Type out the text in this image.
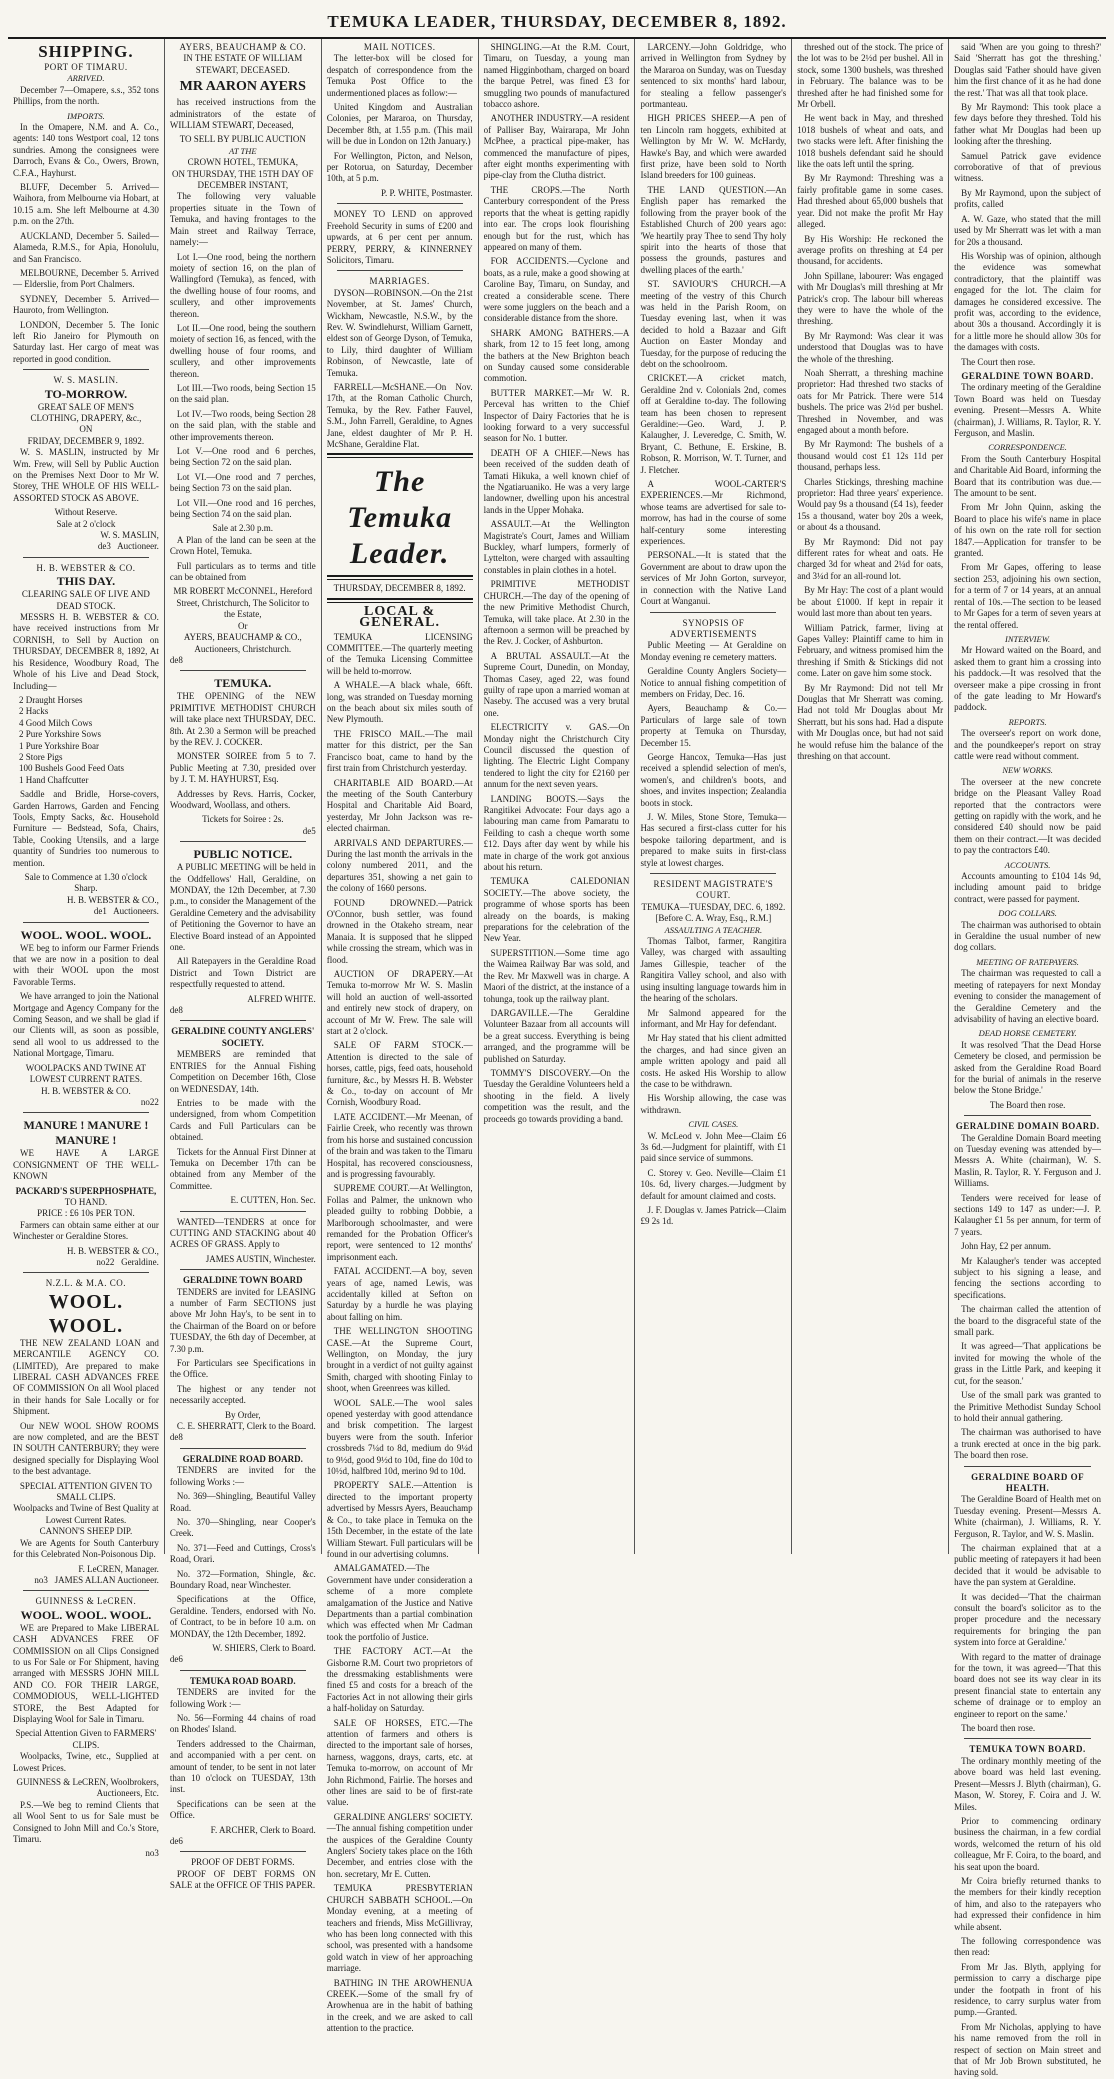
TEMUKA LEADER, THURSDAY, DECEMBER 8, 1892.
SHIPPING.
PORT OF TIMARU.
ARRIVED.

December 7—Omapere, s.s., 352 tons Phillips, from the north.

IMPORTS.

In the Omapere, N.M. and A. Co., agents: 140 tons Westport coal, 12 tons sundries. Among the consignees were Darroch, Evans & Co., Owers, Brown, C.F.A., Hayhurst.

BLUFF, December 5. Arrived—Waihora, from Melbourne via Hobart, at 10.15 a.m. She left Melbourne at 4.30 p.m. on the 27th.

AUCKLAND, December 5. Sailed—Alameda, R.M.S., for Apia, Honolulu, and San Francisco.

MELBOURNE, December 5. Arrived — Elderslie, from Port Chalmers.

SYDNEY, December 5. Arrived—Hauroto, from Wellington.

LONDON, December 5. The Ionic left Rio Janeiro for Plymouth on Saturday last. Her cargo of meat was reported in good condition.

W. S. MASLIN.
TO-MORROW.
GREAT SALE OF MEN'S CLOTHING, DRAPERY, &c.,
ON
FRIDAY, DECEMBER 9, 1892.

W. S. MASLIN, instructed by Mr Wm. Frew, will Sell by Public Auction on the Premises Next Door to Mr W. Storey, THE WHOLE OF HIS WELL-ASSORTED STOCK AS ABOVE.

Without Reserve.
Sale at 2 o'clock
W. S. MASLIN,
de3 Auctioneer.
H. B. WEBSTER & CO.
THIS DAY.
CLEARING SALE OF LIVE AND DEAD STOCK.

MESSRS H. B. WEBSTER & CO. have received instructions from Mr CORNISH, to Sell by Auction on THURSDAY, DECEMBER 8, 1892, At his Residence, Woodbury Road, The Whole of his Live and Dead Stock, Including—

2 Draught Horses
2 Hacks
4 Good Milch Cows
2 Pure Yorkshire Sows
1 Pure Yorkshire Boar
2 Store Pigs
100 Bushels Good Feed Oats
1 Hand Chaffcutter

Saddle and Bridle, Horse-covers, Garden Harrows, Garden and Fencing Tools, Empty Sacks, &c. Household Furniture — Bedstead, Sofa, Chairs, Table, Cooking Utensils, and a large quantity of Sundries too numerous to mention.

Sale to Commence at 1.30 o'clock Sharp.
H. B. WEBSTER & CO.,
de1 Auctioneers.
WOOL. WOOL. WOOL.

WE beg to inform our Farmer Friends that we are now in a position to deal with their WOOL upon the most Favorable Terms.

We have arranged to join the National Mortgage and Agency Company for the Coming Season, and we shall be glad if our Clients will, as soon as possible, send all wool to us addressed to the National Mortgage, Timaru.

WOOLPACKS AND TWINE AT LOWEST CURRENT RATES.
H. B. WEBSTER & CO.
no22
MANURE ! MANURE ! MANURE !

WE HAVE A LARGE CONSIGNMENT OF THE WELL-KNOWN

PACKARD'S SUPERPHOSPHATE,
TO HAND.
PRICE : £6 10s PER TON.

Farmers can obtain same either at our Winchester or Geraldine Stores.

H. B. WEBSTER & CO.,
no22 Geraldine.
N.Z.L. & M.A. CO.
WOOL. WOOL.

THE NEW ZEALAND LOAN and MERCANTILE AGENCY CO. (LIMITED), Are prepared to make LIBERAL CASH ADVANCES FREE OF COMMISSION On all Wool placed in their hands for Sale Locally or for Shipment.

Our NEW WOOL SHOW ROOMS are now completed, and are the BEST IN SOUTH CANTERBURY; they were designed specially for Displaying Wool to the best advantage.

SPECIAL ATTENTION GIVEN TO SMALL CLIPS.
Woolpacks and Twine of Best Quality at Lowest Current Rates.
CANNON'S SHEEP DIP.

We are Agents for South Canterbury for this Celebrated Non-Poisonous Dip.

F. LeCREN, Manager.
no3 JAMES ALLAN Auctioneer.
GUINNESS & LeCREN.
WOOL. WOOL. WOOL.

WE are Prepared to Make LIBERAL CASH ADVANCES FREE OF COMMISSION on all Clips Consigned to us For Sale or For Shipment, having arranged with MESSRS JOHN MILL AND CO. FOR THEIR LARGE, COMMODIOUS, WELL-LIGHTED STORE, the Best Adapted for Displaying Wool for Sale in Timaru.

Special Attention Given to FARMERS' CLIPS.

Woolpacks, Twine, etc., Supplied at Lowest Prices.

GUINNESS & LeCREN, Woolbrokers, Auctioneers, Etc.

P.S.—We beg to remind Clients that all Wool Sent to us for Sale must be Consigned to John Mill and Co.'s Store, Timaru.

no3
AYERS, BEAUCHAMP & CO.
IN THE ESTATE OF WILLIAM STEWART, DECEASED.
MR AARON AYERS

has received instructions from the administrators of the estate of WILLIAM STEWART, Deceased,

TO SELL BY PUBLIC AUCTION
AT THE
CROWN HOTEL, TEMUKA,
ON THURSDAY, THE 15TH DAY OF DECEMBER INSTANT,

The following very valuable properties situate in the Town of Temuka, and having frontages to the Main street and Railway Terrace, namely:—

Lot I.—One rood, being the northern moiety of section 16, on the plan of Wallingford (Temuka), as fenced, with the dwelling house of four rooms, and scullery, and other improvements thereon.

Lot II.—One rood, being the southern moiety of section 16, as fenced, with the dwelling house of four rooms, and scullery, and other improvements thereon.

Lot III.—Two roods, being Section 15 on the said plan.

Lot IV.—Two roods, being Section 28 on the said plan, with the stable and other improvements thereon.

Lot V.—One rood and 6 perches, being Section 72 on the said plan.

Lot VI.—One rood and 7 perches, being Section 73 on the said plan.

Lot VII.—One rood and 16 perches, being Section 74 on the said plan.

Sale at 2.30 p.m.

A Plan of the land can be seen at the Crown Hotel, Temuka.

Full particulars as to terms and title can be obtained from

MR ROBERT McCONNEL, Hereford Street, Christchurch, The Solicitor to the Estate,
Or
AYERS, BEAUCHAMP & CO., Auctioneers, Christchurch.
de8
TEMUKA.

THE OPENING of the NEW PRIMITIVE METHODIST CHURCH will take place next THURSDAY, DEC. 8th. At 2.30 a Sermon will be preached by the REV. J. COCKER.

MONSTER SOIREE from 5 to 7. Public Meeting at 7.30, presided over by J. T. M. HAYHURST, Esq.

Addresses by Revs. Harris, Cocker, Woodward, Woollass, and others.

Tickets for Soiree : 2s.
de5
PUBLIC NOTICE.

A PUBLIC MEETING will be held in the Oddfellows' Hall, Geraldine, on MONDAY, the 12th December, at 7.30 p.m., to consider the Management of the Geraldine Cemetery and the advisability of Petitioning the Governor to have an Elective Board instead of an Appointed one.

All Ratepayers in the Geraldine Road District and Town District are respectfully requested to attend.

ALFRED WHITE.
de8
GERALDINE COUNTY ANGLERS' SOCIETY.

MEMBERS are reminded that ENTRIES for the Annual Fishing Competition on December 16th, Close on WEDNESDAY, 14th.

Entries to be made with the undersigned, from whom Competition Cards and Full Particulars can be obtained.

Tickets for the Annual First Dinner at Temuka on December 17th can be obtained from any Member of the Committee.

E. CUTTEN, Hon. Sec.

WANTED—TENDERS at once for CUTTING AND STACKING about 40 ACRES OF GRASS. Apply to

JAMES AUSTIN, Winchester.
GERALDINE TOWN BOARD

TENDERS are invited for LEASING a number of Farm SECTIONS just above Mr John Hay's, to be sent in to the Chairman of the Board on or before TUESDAY, the 6th day of December, at 7.30 p.m.

For Particulars see Specifications in the Office.

The highest or any tender not necessarily accepted.

By Order,
C. E. SHERRATT, Clerk to the Board.
de8
GERALDINE ROAD BOARD.

TENDERS are invited for the following Works :—

No. 369—Shingling, Beautiful Valley Road.

No. 370—Shingling, near Cooper's Creek.

No. 371—Feed and Cuttings, Cross's Road, Orari.

No. 372—Formation, Shingle, &c. Boundary Road, near Winchester.

Specifications at the Office, Geraldine. Tenders, endorsed with No. of Contract, to be in before 10 a.m. on MONDAY, the 12th December, 1892.

W. SHIERS, Clerk to Board.
de6
TEMUKA ROAD BOARD.

TENDERS are invited for the following Work :—

No. 56—Forming 44 chains of road on Rhodes' Island.

Tenders addressed to the Chairman, and accompanied with a per cent. on amount of tender, to be sent in not later than 10 o'clock on TUESDAY, 13th inst.

Specifications can be seen at the Office.

F. ARCHER, Clerk to Board.
de6
PROOF OF DEBT FORMS.

PROOF OF DEBT FORMS ON SALE at the OFFICE OF THIS PAPER.

MAIL NOTICES.

The letter-box will be closed for despatch of correspondence from the Temuka Post Office to the undermentioned places as follow:—

United Kingdom and Australian Colonies, per Mararoa, on Thursday, December 8th, at 1.55 p.m. (This mail will be due in London on 12th January.)

For Wellington, Picton, and Nelson, per Rotorua, on Saturday, December 10th, at 5 p.m.

P. P. WHITE, Postmaster.

MONEY TO LEND on approved Freehold Security in sums of £200 and upwards, at 6 per cent per annum. PERRY, PERRY, & KINNERNEY Solicitors, Timaru.

MARRIAGES.

DYSON—ROBINSON.—On the 21st November, at St. James' Church, Wickham, Newcastle, N.S.W., by the Rev. W. Swindlehurst, William Garnett, eldest son of George Dyson, of Temuka, to Lily, third daughter of William Robinson, of Newcastle, late of Temuka.

FARRELL—McSHANE.—On Nov. 17th, at the Roman Catholic Church, Temuka, by the Rev. Father Fauvel, S.M., John Farrell, Geraldine, to Agnes Jane, eldest daughter of Mr P. H. McShane, Geraldine Flat.

The Temuka Leader.
THURSDAY, DECEMBER 8, 1892.
LOCAL & GENERAL.

TEMUKA LICENSING COMMITTEE.—The quarterly meeting of the Temuka Licensing Committee will be held to-morrow.

A WHALE.—A black whale, 66ft. long, was stranded on Tuesday morning on the beach about six miles south of New Plymouth.

THE FRISCO MAIL.—The mail matter for this district, per the San Francisco boat, came to hand by the first train from Christchurch yesterday.

CHARITABLE AID BOARD.—At the meeting of the South Canterbury Hospital and Charitable Aid Board, yesterday, Mr John Jackson was re-elected chairman.

ARRIVALS AND DEPARTURES.—During the last month the arrivals in the colony numbered 2011, and the departures 351, showing a net gain to the colony of 1660 persons.

FOUND DROWNED.—Patrick O'Connor, bush settler, was found drowned in the Otakeho stream, near Manaia. It is supposed that he slipped while crossing the stream, which was in flood.

AUCTION OF DRAPERY.—At Temuka to-morrow Mr W. S. Maslin will hold an auction of well-assorted and entirely new stock of drapery, on account of Mr W. Frew. The sale will start at 2 o'clock.

SALE OF FARM STOCK.—Attention is directed to the sale of horses, cattle, pigs, feed oats, household furniture, &c., by Messrs H. B. Webster & Co., to-day on account of Mr Cornish, Woodbury Road.

LATE ACCIDENT.—Mr Meenan, of Fairlie Creek, who recently was thrown from his horse and sustained concussion of the brain and was taken to the Timaru Hospital, has recovered consciousness, and is progressing favourably.

SUPREME COURT.—At Wellington, Follas and Palmer, the unknown who pleaded guilty to robbing Dobbie, a Marlborough schoolmaster, and were remanded for the Probation Officer's report, were sentenced to 12 months' imprisonment each.

FATAL ACCIDENT.—A boy, seven years of age, named Lewis, was accidentally killed at Sefton on Saturday by a hurdle he was playing about falling on him.

THE WELLINGTON SHOOTING CASE.—At the Supreme Court, Wellington, on Monday, the jury brought in a verdict of not guilty against Smith, charged with shooting Finlay to shoot, when Greenrees was killed.

WOOL SALE.—The wool sales opened yesterday with good attendance and brisk competition. The largest buyers were from the south. Inferior crossbreds 7¼d to 8d, medium do 9¼d to 9½d, good 9½d to 10d, fine do 10d to 10½d, halfbred 10d, merino 9d to 10d.

PROPERTY SALE.—Attention is directed to the important property advertised by Messrs Ayers, Beauchamp & Co., to take place in Temuka on the 15th December, in the estate of the late William Stewart. Full particulars will be found in our advertising columns.

AMALGAMATED.—The Government have under consideration a scheme of a more complete amalgamation of the Justice and Native Departments than a partial combination which was effected when Mr Cadman took the portfolio of Justice.

THE FACTORY ACT.—At the Gisborne R.M. Court two proprietors of the dressmaking establishments were fined £5 and costs for a breach of the Factories Act in not allowing their girls a half-holiday on Saturday.

SALE OF HORSES, ETC.—The attention of farmers and others is directed to the important sale of horses, harness, waggons, drays, carts, etc. at Temuka to-morrow, on account of Mr John Richmond, Fairlie. The horses and other lines are said to be of first-rate value.

GERALDINE ANGLERS' SOCIETY.—The annual fishing competition under the auspices of the Geraldine County Anglers' Society takes place on the 16th December, and entries close with the hon. secretary, Mr E. Cutten.

TEMUKA PRESBYTERIAN CHURCH SABBATH SCHOOL.—On Monday evening, at a meeting of teachers and friends, Miss McGillivray, who has been long connected with this school, was presented with a handsome gold watch in view of her approaching marriage.

BATHING IN THE AROWHENUA CREEK.—Some of the small fry of Arowhenua are in the habit of bathing in the creek, and we are asked to call attention to the practice.

SHINGLING.—At the R.M. Court, Timaru, on Tuesday, a young man named Higginbotham, charged on board the barque Petrel, was fined £3 for smuggling two pounds of manufactured tobacco ashore.

ANOTHER INDUSTRY.—A resident of Palliser Bay, Wairarapa, Mr John McPhee, a practical pipe-maker, has commenced the manufacture of pipes, after eight months experimenting with pipe-clay from the Clutha district.

THE CROPS.—The North Canterbury correspondent of the Press reports that the wheat is getting rapidly into ear. The crops look flourishing enough but for the rust, which has appeared on many of them.

FOR ACCIDENTS.—Cyclone and boats, as a rule, make a good showing at Caroline Bay, Timaru, on Sunday, and created a considerable scene. There were some jugglers on the beach and a considerable distance from the shore.

SHARK AMONG BATHERS.—A shark, from 12 to 15 feet long, among the bathers at the New Brighton beach on Sunday caused some considerable commotion.

BUTTER MARKET.—Mr W. R. Perceval has written to the Chief Inspector of Dairy Factories that he is looking forward to a very successful season for No. 1 butter.

DEATH OF A CHIEF.—News has been received of the sudden death of Tamati Hikuka, a well known chief of the Ngatiaruaniko. He was a very large landowner, dwelling upon his ancestral lands in the Upper Mohaka.

ASSAULT.—At the Wellington Magistrate's Court, James and William Buckley, wharf lumpers, formerly of Lyttelton, were charged with assaulting constables in plain clothes in a hotel.

PRIMITIVE METHODIST CHURCH.—The day of the opening of the new Primitive Methodist Church, Temuka, will take place. At 2.30 in the afternoon a sermon will be preached by the Rev. J. Cocker, of Ashburton.

A BRUTAL ASSAULT.—At the Supreme Court, Dunedin, on Monday, Thomas Casey, aged 22, was found guilty of rape upon a married woman at Naseby. The accused was a very brutal one.

ELECTRICITY v. GAS.—On Monday night the Christchurch City Council discussed the question of lighting. The Electric Light Company tendered to light the city for £2160 per annum for the next seven years.

LANDING BOOTS.—Says the Rangitikei Advocate: Four days ago a labouring man came from Pamaratu to Feilding to cash a cheque worth some £12. Days after day went by while his mate in charge of the work got anxious about his return.

TEMUKA CALEDONIAN SOCIETY.—The above society, the programme of whose sports has been already on the boards, is making preparations for the celebration of the New Year.

SUPERSTITION.—Some time ago the Waimea Railway Bar was sold, and the Rev. Mr Maxwell was in charge. A Maori of the district, at the instance of a tohunga, took up the railway plant.

DARGAVILLE.—The Geraldine Volunteer Bazaar from all accounts will be a great success. Everything is being arranged, and the programme will be published on Saturday.

TOMMY'S DISCOVERY.—On the Tuesday the Geraldine Volunteers held a shooting in the field. A lively competition was the result, and the proceeds go towards providing a band.

LARCENY.—John Goldridge, who arrived in Wellington from Sydney by the Mararoa on Sunday, was on Tuesday sentenced to six months' hard labour, for stealing a fellow passenger's portmanteau.

HIGH PRICES SHEEP.—A pen of ten Lincoln ram hoggets, exhibited at Wellington by Mr W. W. McHardy, Hawke's Bay, and which were awarded first prize, have been sold to North Island breeders for 100 guineas.

THE LAND QUESTION.—An English paper has remarked the following from the prayer book of the Established Church of 200 years ago: 'We heartily pray Thee to send Thy holy spirit into the hearts of those that possess the grounds, pastures and dwelling places of the earth.'

ST. SAVIOUR'S CHURCH.—A meeting of the vestry of this Church was held in the Parish Room, on Tuesday evening last, when it was decided to hold a Bazaar and Gift Auction on Easter Monday and Tuesday, for the purpose of reducing the debt on the schoolroom.

CRICKET.—A cricket match, Geraldine 2nd v. Colonials 2nd, comes off at Geraldine to-day. The following team has been chosen to represent Geraldine:—Geo. Ward, J. P. Kalaugher, J. Leveredge, C. Smith, W. Bryant, C. Bethune, E. Erskine, B. Robson, R. Morrison, W. T. Turner, and J. Fletcher.

A WOOL-CARTER'S EXPERIENCES.—Mr Richmond, whose teams are advertised for sale to-morrow, has had in the course of some half-century some interesting experiences.

PERSONAL.—It is stated that the Government are about to draw upon the services of Mr John Gorton, surveyor, in connection with the Native Land Court at Wanganui.

SYNOPSIS OF ADVERTISEMENTS

Public Meeting — At Geraldine on Monday evening re cemetery matters.

Geraldine County Anglers Society—Notice to annual fishing competition of members on Friday, Dec. 16.

Ayers, Beauchamp & Co.—Particulars of large sale of town property at Temuka on Thursday, December 15.

George Hancox, Temuka—Has just received a splendid selection of men's, women's, and children's boots, and shoes, and invites inspection; Zealandia boots in stock.

J. W. Miles, Stone Store, Temuka—Has secured a first-class cutter for his bespoke tailoring department, and is prepared to make suits in first-class style at lowest charges.

RESIDENT MAGISTRATE'S COURT.
TEMUKA—TUESDAY, DEC. 6, 1892.
[Before C. A. Wray, Esq., R.M.]
ASSAULTING A TEACHER.

Thomas Talbot, farmer, Rangitira Valley, was charged with assaulting James Gillespie, teacher of the Rangitira Valley school, and also with using insulting language towards him in the hearing of the scholars.

Mr Salmond appeared for the informant, and Mr Hay for defendant.

Mr Hay stated that his client admitted the charges, and had since given an ample written apology and paid all costs. He asked His Worship to allow the case to be withdrawn.

His Worship allowing, the case was withdrawn.

CIVIL CASES.

W. McLeod v. John Mee—Claim £6 3s 6d.—Judgment for plaintiff, with £1 paid since service of summons.

C. Storey v. Geo. Neville—Claim £1 10s. 6d, livery charges.—Judgment by default for amount claimed and costs.

J. F. Douglas v. James Patrick—Claim £9 2s 1d.

threshed out of the stock. The price of the lot was to be 2½d per bushel. All in stock, some 1300 bushels, was threshed in February. The balance was to be threshed after he had finished some for Mr Orbell.

He went back in May, and threshed 1018 bushels of wheat and oats, and two stacks were left. After finishing the 1018 bushels defendant said he should like the oats left until the spring.

By Mr Raymond: Threshing was a fairly profitable game in some cases. Had threshed about 65,000 bushels that year. Did not make the profit Mr Hay alleged.

By His Worship: He reckoned the average profits on threshing at £4 per thousand, for accidents.

John Spillane, labourer: Was engaged with Mr Douglas's mill threshing at Mr Patrick's crop. The labour bill whereas they were to have the whole of the threshing.

By Mr Raymond: Was clear it was understood that Douglas was to have the whole of the threshing.

Noah Sherratt, a threshing machine proprietor: Had threshed two stacks of oats for Mr Patrick. There were 514 bushels. The price was 2½d per bushel. Threshed in November, and was engaged about a month before.

By Mr Raymond: The bushels of a thousand would cost £1 12s 11d per thousand, perhaps less.

Charles Stickings, threshing machine proprietor: Had three years' experience. Would pay 9s a thousand (£4 1s), feeder 15s a thousand, water boy 20s a week, or about 4s a thousand.

By Mr Raymond: Did not pay different rates for wheat and oats. He charged 3d for wheat and 2¼d for oats, and 3¼d for an all-round lot.

By Mr Hay: The cost of a plant would be about £1000. If kept in repair it would last more than about ten years.

William Patrick, farmer, living at Gapes Valley: Plaintiff came to him in February, and witness promised him the threshing if Smith & Stickings did not come. Later on gave him some stock.

By Mr Raymond: Did not tell Mr Douglas that Mr Sherratt was coming. Had not told Mr Douglas about Mr Sherratt, but his sons had. Had a dispute with Mr Douglas once, but had not said he would refuse him the balance of the threshing on that account.

said 'When are you going to thresh?' Said 'Sherratt has got the threshing.' Douglas said 'Father should have given him the first chance of it as he had done the rest.' That was all that took place.

By Mr Raymond: This took place a few days before they threshed. Told his father what Mr Douglas had been up looking after the threshing.

Samuel Patrick gave evidence corroborative of that of previous witness.

By Mr Raymond, upon the subject of profits, called

A. W. Gaze, who stated that the mill used by Mr Sherratt was let with a man for 20s a thousand.

His Worship was of opinion, although the evidence was somewhat contradictory, that the plaintiff was engaged for the lot. The claim for damages he considered excessive. The profit was, according to the evidence, about 30s a thousand. Accordingly it is for a little more he should allow 30s for the damages with costs.

The Court then rose.

GERALDINE TOWN BOARD.

The ordinary meeting of the Geraldine Town Board was held on Tuesday evening. Present—Messrs A. White (chairman), J. Williams, R. Taylor, R. Y. Ferguson, and Maslin.

CORRESPONDENCE.

From the South Canterbury Hospital and Charitable Aid Board, informing the Board that its contribution was due.—The amount to be sent.

From Mr John Quinn, asking the Board to place his wife's name in place of his own on the rate roll for section 1847.—Application for transfer to be granted.

From Mr Gapes, offering to lease section 253, adjoining his own section, for a term of 7 or 14 years, at an annual rental of 10s.—The section to be leased to Mr Gapes for a term of seven years at the rental offered.

INTERVIEW.

Mr Howard waited on the Board, and asked them to grant him a crossing into his paddock.—It was resolved that the overseer make a pipe crossing in front of the gate leading to Mr Howard's paddock.

REPORTS.

The overseer's report on work done, and the poundkeeper's report on stray cattle were read without comment.

NEW WORKS.

The overseer at the new concrete bridge on the Pleasant Valley Road reported that the contractors were getting on rapidly with the work, and he considered £40 should now be paid them on their contract.—It was decided to pay the contractors £40.

ACCOUNTS.

Accounts amounting to £104 14s 9d, including amount paid to bridge contract, were passed for payment.

DOG COLLARS.

The chairman was authorised to obtain in Geraldine the usual number of new dog collars.

MEETING OF RATEPAYERS.

The chairman was requested to call a meeting of ratepayers for next Monday evening to consider the management of the Geraldine Cemetery and the advisability of having an elective board.

DEAD HORSE CEMETERY.

It was resolved 'That the Dead Horse Cemetery be closed, and permission be asked from the Geraldine Road Board for the burial of animals in the reserve below the Stone Bridge.'

The Board then rose.
GERALDINE DOMAIN BOARD.

The Geraldine Domain Board meeting on Tuesday evening was attended by—Messrs A. White (chairman), W. S. Maslin, R. Taylor, R. Y. Ferguson and J. Williams.

Tenders were received for lease of sections 149 to 147 as under:—J. P. Kalaugher £1 5s per annum, for term of 7 years.

John Hay, £2 per annum.

Mr Kalaugher's tender was accepted subject to his signing a lease, and fencing the sections according to specifications.

The chairman called the attention of the board to the disgraceful state of the small park.

It was agreed—'That applications be invited for mowing the whole of the grass in the Little Park, and keeping it cut, for the season.'

Use of the small park was granted to the Primitive Methodist Sunday School to hold their annual gathering.

The chairman was authorised to have a trunk erected at once in the big park. The board then rose.

GERALDINE BOARD OF HEALTH.

The Geraldine Board of Health met on Tuesday evening. Present—Messrs A. White (chairman), J. Williams, R. Y. Ferguson, R. Taylor, and W. S. Maslin.

The chairman explained that at a public meeting of ratepayers it had been decided that it would be advisable to have the pan system at Geraldine.

It was decided—'That the chairman consult the board's solicitor as to the proper procedure and the necessary requirements for bringing the pan system into force at Geraldine.'

With regard to the matter of drainage for the town, it was agreed—'That this board does not see its way clear in its present financial state to entertain any scheme of drainage or to employ an engineer to report on the same.'

The board then rose.

TEMUKA TOWN BOARD.

The ordinary monthly meeting of the above board was held last evening. Present—Messrs J. Blyth (chairman), G. Mason, W. Storey, F. Coira and J. W. Miles.

Prior to commencing ordinary business the chairman, in a few cordial words, welcomed the return of his old colleague, Mr F. Coira, to the board, and his seat upon the board.

Mr Coira briefly returned thanks to the members for their kindly reception of him, and also to the ratepayers who had expressed their confidence in him while absent.

The following correspondence was then read:

From Mr Jas. Blyth, applying for permission to carry a discharge pipe under the footpath in front of his residence, to carry surplus water from pump.—Granted.

From Mr Nicholas, applying to have his name removed from the roll in respect of section on Main street and that of Mr Job Brown substituted, he having sold.
